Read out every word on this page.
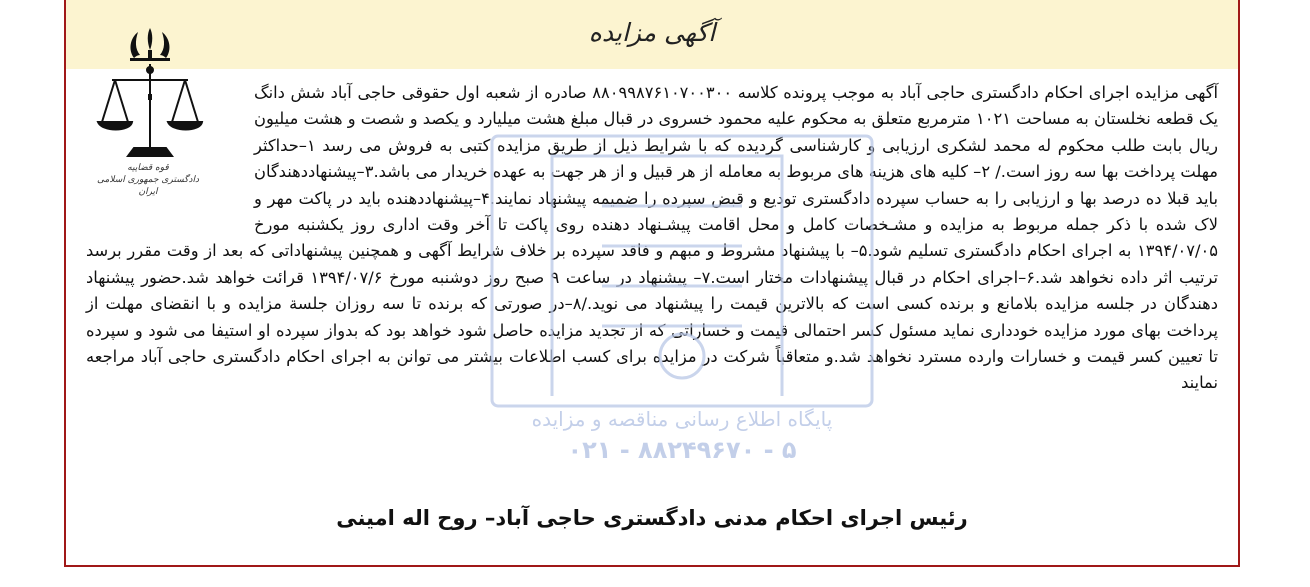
آگهی مزایده
قوه قضاییه
دادگستری جمهوری اسلامی ایران
آگهی مزایده اجرای احکام دادگستری حاجی آباد به موجب پرونده کلاسه ۸۸۰۹۹۸۷۶۱۰۷۰۰۳۰۰ صادره از شعبه اول حقوقی حاجی آباد شش دانگ یک قطعه نخلستان به مساحت ۱۰۲۱ مترمربع متعلق به محکوم علیه محمود خسروی در قبال مبلغ هشت میلیارد و یکصد و شصت و هشت میلیون ریال بابت طلب محکوم له محمد لشکری ارزیابی و کارشناسی گردیده که با شرایط ذیل از طریق مزایده کتبی به فروش می رسد ۱–حداکثر مهلت پرداخت بها سه روز است./ ۲– کلیه های هزینه های مربوط به معامله از هر قبیل و از هر جهت به عهده خریدار می باشد.۳–پیشنهاددهندگان باید قبلا ده درصد بها و ارزیابی را به حساب سپرده دادگستری تودیع و قبض سپرده را ضمیمه پیشنهاد نمایند.۴–پیشنهاددهنده باید در پاکت مهر و لاک شده با ذکر جمله مربوط به مزایده و مشـخصات کامل و محل اقامت پیشـنهاد دهنده روی پاکت تا آخر وقت اداری روز یکشنبه مورخ ۱۳۹۴/۰۷/۰۵ به اجرای احکام دادگستری تسلیم شود.۵– با پیشنهاد مشروط و مبهم و فاقد سپرده بر خلاف شرایط آگهی و همچنین پیشنهاداتی که بعد از وقت مقرر برسد ترتیب اثر داده نخواهد شد.۶–اجرای احکام در قبال پیشنهادات مختار است.۷– پیشنهاد در ساعت ۹ صبح روز دوشنبه مورخ ۱۳۹۴/۰۷/۶ قرائت خواهد شد.حضور پیشنهاد دهندگان در جلسه مزایده بلامانع و برنده کسی است که بالاترین قیمت را پیشنهاد می نوید./۸–در صورتی که برنده تا سه روزان جلسة مزایده و با انقضای مهلت از پرداخت بهای مورد مزایده خودداری نماید مسئول کسر احتمالی قیمت و خساراتی که از تجدید مزایده حاصل شود خواهد بود که بدواز سپرده او استیفا می شود و سپرده تا تعیین کسر قیمت و خسارات وارده مسترد نخواهد شد.و متعاقباً شرکت در مزایده برای کسب اطلاعات بیشتر می توانن به اجرای احکام دادگستری حاجی آباد مراجعه نمایند
پایگاه اطلاع رسانی مناقصه و مزایده
۰۲۱ - ۸۸۲۴۹۶۷۰ - ۵
رئیس اجرای احکام مدنی دادگستری حاجی آباد– روح اله امینی
